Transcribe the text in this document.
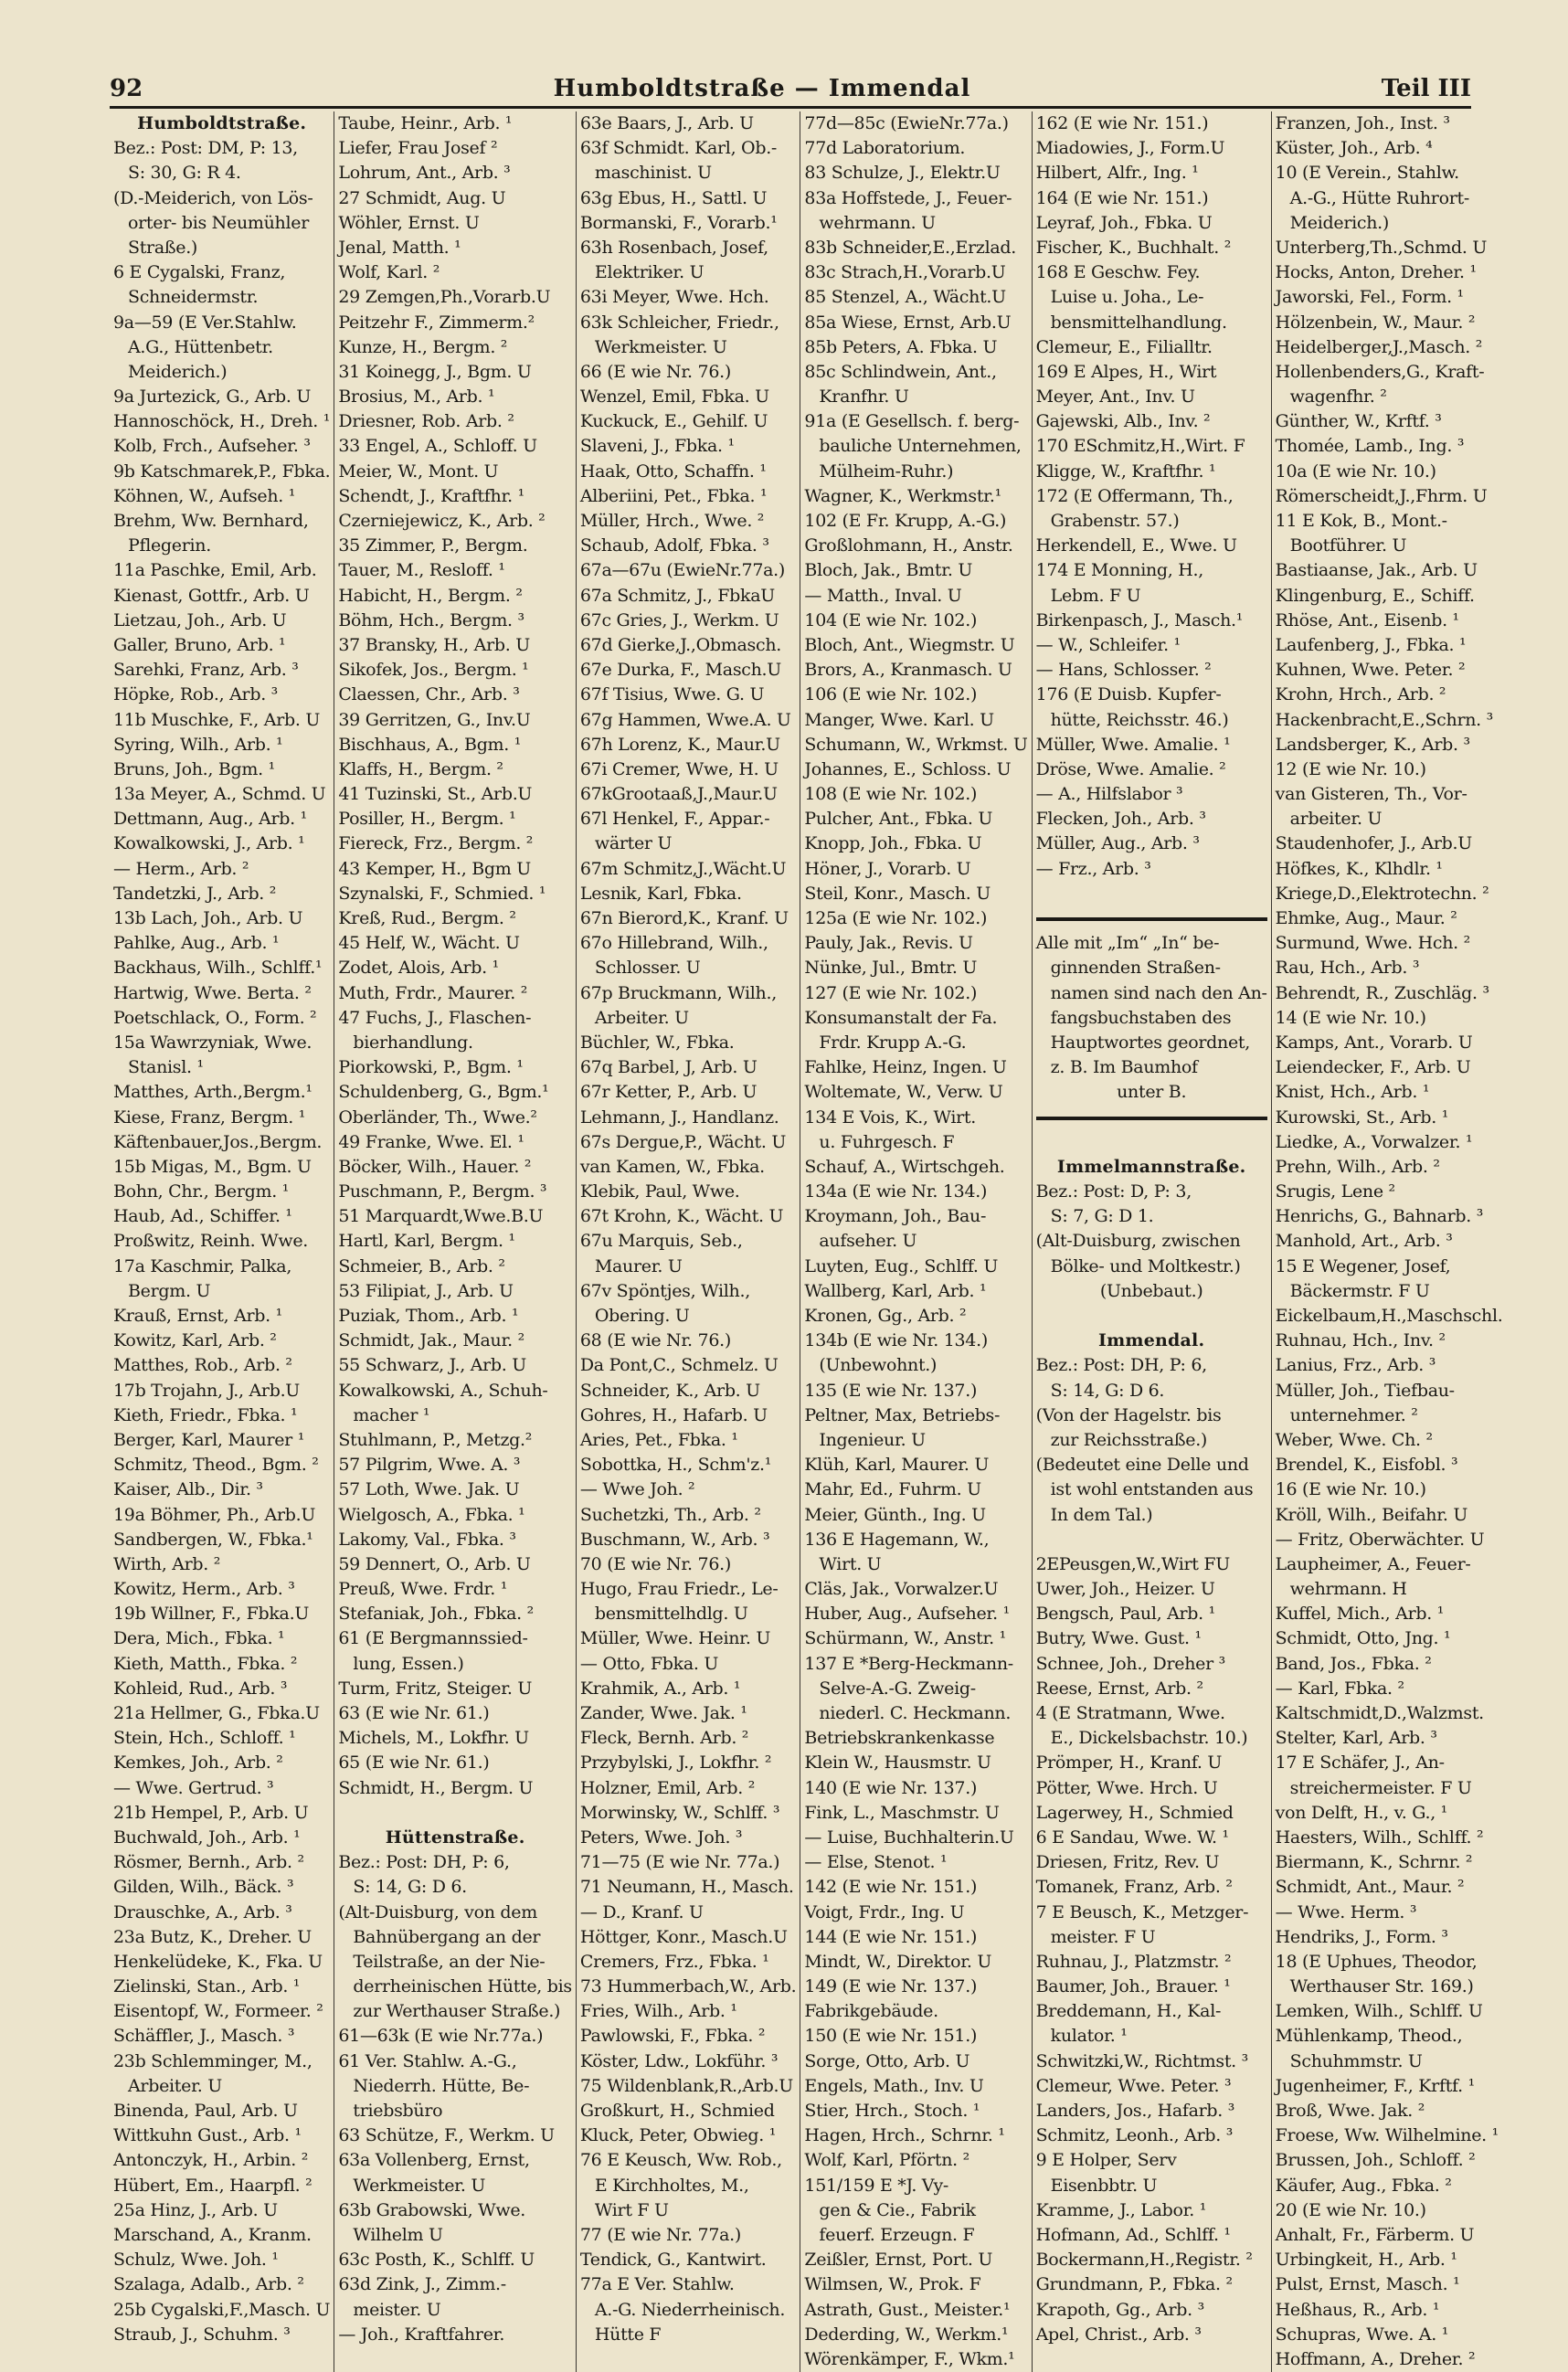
92	Humboldtstraße — Immendal	Teil III
Humboldtstraße.
Bez.: Post: DM, P: 13,
S: 30, G: R 4.
(D.-Meiderich, von Lös-
orter- bis Neumühler
Straße.)
6 E Cygalski, Franz,
Schneidermstr.
9a—59 (E Ver.Stahlw.
A.G., Hüttenbetr.
Meiderich.)
9a Jurtezick, G., Arb. U
Hannoschöck, H., Dreh. ¹
Kolb, Frch., Aufseher. ³
9b Katschmarek,P., Fbka.
Köhnen, W., Aufseh. ¹
Brehm, Ww. Bernhard,
Pflegerin.
11a Paschke, Emil, Arb.
Kienast, Gottfr., Arb. U
Lietzau, Joh., Arb. U
Galler, Bruno, Arb. ¹
Sarehki, Franz, Arb. ³
Höpke, Rob., Arb. ³
11b Muschke, F., Arb. U
Syring, Wilh., Arb. ¹
Bruns, Joh., Bgm. ¹
13a Meyer, A., Schmd. U
Dettmann, Aug., Arb. ¹
Kowalkowski, J., Arb. ¹
— Herm., Arb. ²
Tandetzki, J., Arb. ²
13b Lach, Joh., Arb. U
Pahlke, Aug., Arb. ¹
Backhaus, Wilh., Schlff.¹
Hartwig, Wwe. Berta. ²
Poetschlack, O., Form. ²
15a Wawrzyniak, Wwe.
Stanisl. ¹
Matthes, Arth.,Bergm.¹
Kiese, Franz, Bergm. ¹
Käftenbauer,Jos.,Bergm.
15b Migas, M., Bgm. U
Bohn, Chr., Bergm. ¹
Haub, Ad., Schiffer. ¹
Proßwitz, Reinh. Wwe.
17a Kaschmir, Palka,
Bergm. U
Krauß, Ernst, Arb. ¹
Kowitz, Karl, Arb. ²
Matthes, Rob., Arb. ²
17b Trojahn, J., Arb.U
Kieth, Friedr., Fbka. ¹
Berger, Karl, Maurer ¹
Schmitz, Theod., Bgm. ²
Kaiser, Alb., Dir. ³
19a Böhmer, Ph., Arb.U
Sandbergen, W., Fbka.¹
Wirth, Arb. ²
Kowitz, Herm., Arb. ³
19b Willner, F., Fbka.U
Dera, Mich., Fbka. ¹
Kieth, Matth., Fbka. ²
Kohleid, Rud., Arb. ³
21a Hellmer, G., Fbka.U
Stein, Hch., Schloff. ¹
Kemkes, Joh., Arb. ²
— Wwe. Gertrud. ³
21b Hempel, P., Arb. U
Buchwald, Joh., Arb. ¹
Rösmer, Bernh., Arb. ²
Gilden, Wilh., Bäck. ³
Drauschke, A., Arb. ³
23a Butz, K., Dreher. U
Henkelüdeke, K., Fka. U
Zielinski, Stan., Arb. ¹
Eisentopf, W., Formeer. ²
Schäffler, J., Masch. ³
23b Schlemminger, M.,
Arbeiter. U
Binenda, Paul, Arb. U
Wittkuhn Gust., Arb. ¹
Antonczyk, H., Arbin. ²
Hübert, Em., Haarpfl. ²
25a Hinz, J., Arb. U
Marschand, A., Kranm.
Schulz, Wwe. Joh. ¹
Szalaga, Adalb., Arb. ²
25b Cygalski,F.,Masch. U
Straub, J., Schuhm. ³
Taube, Heinr., Arb. ¹
Liefer, Frau Josef ²
Lohrum, Ant., Arb. ³
27 Schmidt, Aug. U
Wöhler, Ernst. U
Jenal, Matth. ¹
Wolf, Karl. ²
29 Zemgen,Ph.,Vorarb.U
Peitzehr F., Zimmerm.²
Kunze, H., Bergm. ²
31 Koinegg, J., Bgm. U
Brosius, M., Arb. ¹
Driesner, Rob. Arb. ²
33 Engel, A., Schloff. U
Meier, W., Mont. U
Schendt, J., Kraftfhr. ¹
Czerniejewicz, K., Arb. ²
35 Zimmer, P., Bergm.
Tauer, M., Resloff. ¹
Habicht, H., Bergm. ²
Böhm, Hch., Bergm. ³
37 Bransky, H., Arb. U
Sikofek, Jos., Bergm. ¹
Claessen, Chr., Arb. ³
39 Gerritzen, G., Inv.U
Bischhaus, A., Bgm. ¹
Klaffs, H., Bergm. ²
41 Tuzinski, St., Arb.U
Posiller, H., Bergm. ¹
Fiereck, Frz., Bergm. ²
43 Kemper, H., Bgm U
Szynalski, F., Schmied. ¹
Kreß, Rud., Bergm. ²
45 Helf, W., Wächt. U
Zodet, Alois, Arb. ¹
Muth, Frdr., Maurer. ²
47 Fuchs, J., Flaschen-
bierhandlung.
Piorkowski, P., Bgm. ¹
Schuldenberg, G., Bgm.¹
Oberländer, Th., Wwe.²
49 Franke, Wwe. El. ¹
Böcker, Wilh., Hauer. ²
Puschmann, P., Bergm. ³
51 Marquardt,Wwe.B.U
Hartl, Karl, Bergm. ¹
Schmeier, B., Arb. ²
53 Filipiat, J., Arb. U
Puziak, Thom., Arb. ¹
Schmidt, Jak., Maur. ²
55 Schwarz, J., Arb. U
Kowalkowski, A., Schuh-
macher ¹
Stuhlmann, P., Metzg.²
57 Pilgrim, Wwe. A. ³
57 Loth, Wwe. Jak. U
Wielgosch, A., Fbka. ¹
Lakomy, Val., Fbka. ³
59 Dennert, O., Arb. U
Preuß, Wwe. Frdr. ¹
Stefaniak, Joh., Fbka. ²
61 (E Bergmannssied-
lung, Essen.)
Turm, Fritz, Steiger. U
63 (E wie Nr. 61.)
Michels, M., Lokfhr. U
65 (E wie Nr. 61.)
Schmidt, H., Bergm. U
Hüttenstraße.
Bez.: Post: DH, P: 6,
S: 14, G: D 6.
(Alt-Duisburg, von dem
Bahnübergang an der
Teilstraße, an der Nie-
derrheinischen Hütte, bis
zur Werthauser Straße.)
61—63k (E wie Nr.77a.)
61 Ver. Stahlw. A.-G.,
Niederrh. Hütte, Be-
triebsbüro
63 Schütze, F., Werkm. U
63a Vollenberg, Ernst,
Werkmeister. U
63b Grabowski, Wwe.
Wilhelm U
63c Posth, K., Schlff. U
63d Zink, J., Zimm.-
meister. U
— Joh., Kraftfahrer.
63e Baars, J., Arb. U
63f Schmidt. Karl, Ob.-
maschinist. U
63g Ebus, H., Sattl. U
Bormanski, F., Vorarb.¹
63h Rosenbach, Josef,
Elektriker. U
63i Meyer, Wwe. Hch.
63k Schleicher, Friedr.,
Werkmeister. U
66 (E wie Nr. 76.)
Wenzel, Emil, Fbka. U
Kuckuck, E., Gehilf. U
Slaveni, J., Fbka. ¹
Haak, Otto, Schaffn. ¹
Alberiini, Pet., Fbka. ¹
Müller, Hrch., Wwe. ²
Schaub, Adolf, Fbka. ³
67a—67u (EwieNr.77a.)
67a Schmitz, J., FbkaU
67c Gries, J., Werkm. U
67d Gierke,J.,Obmasch.
67e Durka, F., Masch.U
67f Tisius, Wwe. G. U
67g Hammen, Wwe.A. U
67h Lorenz, K., Maur.U
67i Cremer, Wwe, H. U
67kGrootaaß,J.,Maur.U
67l Henkel, F., Appar.-
wärter U
67m Schmitz,J.,Wächt.U
Lesnik, Karl, Fbka.
67n Bierord,K., Kranf. U
67o Hillebrand, Wilh.,
Schlosser. U
67p Bruckmann, Wilh.,
Arbeiter. U
Büchler, W., Fbka.
67q Barbel, J, Arb. U
67r Ketter, P., Arb. U
Lehmann, J., Handlanz.
67s Dergue,P., Wächt. U
van Kamen, W., Fbka.
Klebik, Paul, Wwe.
67t Krohn, K., Wächt. U
67u Marquis, Seb.,
Maurer. U
67v Spöntjes, Wilh.,
Obering. U
68 (E wie Nr. 76.)
Da Pont,C., Schmelz. U
Schneider, K., Arb. U
Gohres, H., Hafarb. U
Aries, Pet., Fbka. ¹
Sobottka, H., Schm'z.¹
— Wwe Joh. ²
Suchetzki, Th., Arb. ²
Buschmann, W., Arb. ³
70 (E wie Nr. 76.)
Hugo, Frau Friedr., Le-
bensmittelhdlg. U
Müller, Wwe. Heinr. U
— Otto, Fbka. U
Krahmik, A., Arb. ¹
Zander, Wwe. Jak. ¹
Fleck, Bernh. Arb. ²
Przybylski, J., Lokfhr. ²
Holzner, Emil, Arb. ²
Morwinsky, W., Schlff. ³
Peters, Wwe. Joh. ³
71—75 (E wie Nr. 77a.)
71 Neumann, H., Masch.
— D., Kranf. U
Höttger, Konr., Masch.U
Cremers, Frz., Fbka. ¹
73 Hummerbach,W., Arb.
Fries, Wilh., Arb. ¹
Pawlowski, F., Fbka. ²
Köster, Ldw., Lokführ. ³
75 Wildenblank,R.,Arb.U
Großkurt, H., Schmied
Kluck, Peter, Obwieg. ¹
76 E Keusch, Ww. Rob.,
E Kirchholtes, M.,
Wirt F U
77 (E wie Nr. 77a.)
Tendick, G., Kantwirt.
77a E Ver. Stahlw.
A.-G. Niederrheinisch.
Hütte F
77d—85c (EwieNr.77a.)
77d Laboratorium.
83 Schulze, J., Elektr.U
83a Hoffstede, J., Feuer-
wehrmann. U
83b Schneider,E.,Erzlad.
83c Strach,H.,Vorarb.U
85 Stenzel, A., Wächt.U
85a Wiese, Ernst, Arb.U
85b Peters, A. Fbka. U
85c Schlindwein, Ant.,
Kranfhr. U
91a (E Gesellsch. f. berg-
bauliche Unternehmen,
Mülheim-Ruhr.)
Wagner, K., Werkmstr.¹
102 (E Fr. Krupp, A.-G.)
Großlohmann, H., Anstr.
Bloch, Jak., Bmtr. U
— Matth., Inval. U
104 (E wie Nr. 102.)
Bloch, Ant., Wiegmstr. U
Brors, A., Kranmasch. U
106 (E wie Nr. 102.)
Manger, Wwe. Karl. U
Schumann, W., Wrkmst. U
Johannes, E., Schloss. U
108 (E wie Nr. 102.)
Pulcher, Ant., Fbka. U
Knopp, Joh., Fbka. U
Höner, J., Vorarb. U
Steil, Konr., Masch. U
125a (E wie Nr. 102.)
Pauly, Jak., Revis. U
Nünke, Jul., Bmtr. U
127 (E wie Nr. 102.)
Konsumanstalt der Fa.
Frdr. Krupp A.-G.
Fahlke, Heinz, Ingen. U
Woltemate, W., Verw. U
134 E Vois, K., Wirt.
u. Fuhrgesch. F
Schauf, A., Wirtschgeh.
134a (E wie Nr. 134.)
Kroymann, Joh., Bau-
aufseher. U
Luyten, Eug., Schlff. U
Wallberg, Karl, Arb. ¹
Kronen, Gg., Arb. ²
134b (E wie Nr. 134.)
(Unbewohnt.)
135 (E wie Nr. 137.)
Peltner, Max, Betriebs-
Ingenieur. U
Klüh, Karl, Maurer. U
Mahr, Ed., Fuhrm. U
Meier, Günth., Ing. U
136 E Hagemann, W.,
Wirt. U
Cläs, Jak., Vorwalzer.U
Huber, Aug., Aufseher. ¹
Schürmann, W., Anstr. ¹
137 E *Berg-Heckmann-
Selve-A.-G. Zweig-
niederl. C. Heckmann.
Betriebskrankenkasse
Klein W., Hausmstr. U
140 (E wie Nr. 137.)
Fink, L., Maschmstr. U
— Luise, Buchhalterin.U
— Else, Stenot. ¹
142 (E wie Nr. 151.)
Voigt, Frdr., Ing. U
144 (E wie Nr. 151.)
Mindt, W., Direktor. U
149 (E wie Nr. 137.)
Fabrikgebäude.
150 (E wie Nr. 151.)
Sorge, Otto, Arb. U
Engels, Math., Inv. U
Stier, Hrch., Stoch. ¹
Hagen, Hrch., Schrnr. ¹
Wolf, Karl, Pförtn. ²
151/159 E *J. Vy-
gen & Cie., Fabrik
feuerf. Erzeugn. F
Zeißler, Ernst, Port. U
Wilmsen, W., Prok. F
Astrath, Gust., Meister.¹
Dederding, W., Werkm.¹
Wörenkämper, F., Wkm.¹
162 (E wie Nr. 151.)
Miadowies, J., Form.U
Hilbert, Alfr., Ing. ¹
164 (E wie Nr. 151.)
Leyraf, Joh., Fbka. U
Fischer, K., Buchhalt. ²
168 E Geschw. Fey.
Luise u. Joha., Le-
bensmittelhandlung.
Clemeur, E., Filialltr.
169 E Alpes, H., Wirt
Meyer, Ant., Inv. U
Gajewski, Alb., Inv. ²
170 ESchmitz,H.,Wirt. F
Kligge, W., Kraftfhr. ¹
172 (E Offermann, Th.,
Grabenstr. 57.)
Herkendell, E., Wwe. U
174 E Monning, H.,
Lebm. F U
Birkenpasch, J., Masch.¹
— W., Schleifer. ¹
— Hans, Schlosser. ²
176 (E Duisb. Kupfer-
hütte, Reichsstr. 46.)
Müller, Wwe. Amalie. ¹
Dröse, Wwe. Amalie. ²
— A., Hilfslabor ³
Flecken, Joh., Arb. ³
Müller, Aug., Arb. ³
— Frz., Arb. ³
Alle mit „Im“ „In“ be-
ginnenden Straßen-
namen sind nach den An-
fangsbuchstaben des
Hauptwortes geordnet,
z. B. Im Baumhof
unter B.
Immelmannstraße.
Bez.: Post: D, P: 3,
S: 7, G: D 1.
(Alt-Duisburg, zwischen
Bölke- und Moltkestr.)
(Unbebaut.)
Immendal.
Bez.: Post: DH, P: 6,
S: 14, G: D 6.
(Von der Hagelstr. bis
zur Reichsstraße.)
(Bedeutet eine Delle und
ist wohl entstanden aus
In dem Tal.)
2EPeusgen,W.,Wirt FU
Uwer, Joh., Heizer. U
Bengsch, Paul, Arb. ¹
Butry, Wwe. Gust. ¹
Schnee, Joh., Dreher ³
Reese, Ernst, Arb. ²
4 (E Stratmann, Wwe.
E., Dickelsbachstr. 10.)
Prömper, H., Kranf. U
Pötter, Wwe. Hrch. U
Lagerwey, H., Schmied
6 E Sandau, Wwe. W. ¹
Driesen, Fritz, Rev. U
Tomanek, Franz, Arb. ²
7 E Beusch, K., Metzger-
meister. F U
Ruhnau, J., Platzmstr. ²
Baumer, Joh., Brauer. ¹
Breddemann, H., Kal-
kulator. ¹
Schwitzki,W., Richtmst. ³
Clemeur, Wwe. Peter. ³
Landers, Jos., Hafarb. ³
Schmitz, Leonh., Arb. ³
9 E Holper, Serv
Eisenbbtr. U
Kramme, J., Labor. ¹
Hofmann, Ad., Schlff. ¹
Bockermann,H.,Registr. ²
Grundmann, P., Fbka. ²
Krapoth, Gg., Arb. ³
Apel, Christ., Arb. ³
Franzen, Joh., Inst. ³
Küster, Joh., Arb. ⁴
10 (E Verein., Stahlw.
A.-G., Hütte Ruhrort-
Meiderich.)
Unterberg,Th.,Schmd. U
Hocks, Anton, Dreher. ¹
Jaworski, Fel., Form. ¹
Hölzenbein, W., Maur. ²
Heidelberger,J.,Masch. ²
Hollenbenders,G., Kraft-
wagenfhr. ²
Günther, W., Krftf. ³
Thomée, Lamb., Ing. ³
10a (E wie Nr. 10.)
Römerscheidt,J.,Fhrm. U
11 E Kok, B., Mont.-
Bootführer. U
Bastiaanse, Jak., Arb. U
Klingenburg, E., Schiff.
Rhöse, Ant., Eisenb. ¹
Laufenberg, J., Fbka. ¹
Kuhnen, Wwe. Peter. ²
Krohn, Hrch., Arb. ²
Hackenbracht,E.,Schrn. ³
Landsberger, K., Arb. ³
12 (E wie Nr. 10.)
van Gisteren, Th., Vor-
arbeiter. U
Staudenhofer, J., Arb.U
Höfkes, K., Klhdlr. ¹
Kriege,D.,Elektrotechn. ²
Ehmke, Aug., Maur. ²
Surmund, Wwe. Hch. ²
Rau, Hch., Arb. ³
Behrendt, R., Zuschläg. ³
14 (E wie Nr. 10.)
Kamps, Ant., Vorarb. U
Leiendecker, F., Arb. U
Knist, Hch., Arb. ¹
Kurowski, St., Arb. ¹
Liedke, A., Vorwalzer. ¹
Prehn, Wilh., Arb. ²
Srugis, Lene ²
Henrichs, G., Bahnarb. ³
Manhold, Art., Arb. ³
15 E Wegener, Josef,
Bäckermstr. F U
Eickelbaum,H.,Maschschl.
Ruhnau, Hch., Inv. ²
Lanius, Frz., Arb. ³
Müller, Joh., Tiefbau-
unternehmer. ²
Weber, Wwe. Ch. ²
Brendel, K., Eisfobl. ³
16 (E wie Nr. 10.)
Kröll, Wilh., Beifahr. U
— Fritz, Oberwächter. U
Laupheimer, A., Feuer-
wehrmann. H
Kuffel, Mich., Arb. ¹
Schmidt, Otto, Jng. ¹
Band, Jos., Fbka. ²
— Karl, Fbka. ²
Kaltschmidt,D.,Walzmst.
Stelter, Karl, Arb. ³
17 E Schäfer, J., An-
streichermeister. F U
von Delft, H., v. G., ¹
Haesters, Wilh., Schlff. ²
Biermann, K., Schrnr. ²
Schmidt, Ant., Maur. ²
— Wwe. Herm. ³
Hendriks, J., Form. ³
18 (E Uphues, Theodor,
Werthauser Str. 169.)
Lemken, Wilh., Schlff. U
Mühlenkamp, Theod.,
Schuhmmstr. U
Jugenheimer, F., Krftf. ¹
Broß, Wwe. Jak. ²
Froese, Ww. Wilhelmine. ¹
Brussen, Joh., Schloff. ²
Käufer, Aug., Fbka. ²
20 (E wie Nr. 10.)
Anhalt, Fr., Färberm. U
Urbingkeit, H., Arb. ¹
Pulst, Ernst, Masch. ¹
Heßhaus, R., Arb. ¹
Schupras, Wwe. A. ¹
Hoffmann, A., Dreher. ²
